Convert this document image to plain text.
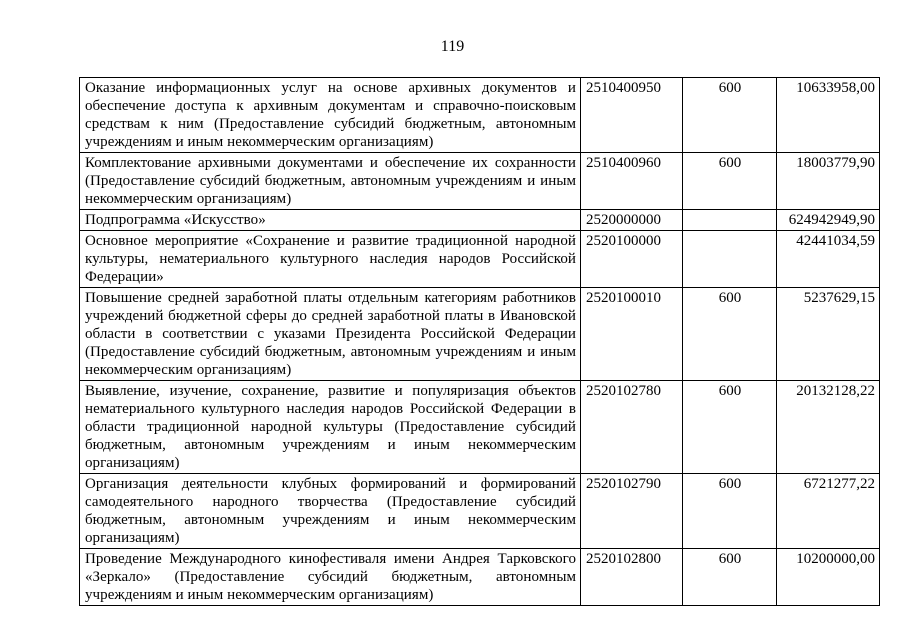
119
Оказание информационных услуг на основе архивных документов и обеспечение доступа к архивным документам и справочно-поисковым средствам к ним (Предоставление субсидий бюджетным, автономным учреждениям и иным некоммерческим организациям)	2510400950	600	10633958,00
Комплектование архивными документами и обеспечение их сохранности (Предоставление субсидий бюджетным, автономным учреждениям и иным некоммерческим организациям)	2510400960	600	18003779,90
Подпрограмма «Искусство»	2520000000		624942949,90
Основное мероприятие «Сохранение и развитие традиционной народной культуры, нематериального культурного наследия народов Российской Федерации»	2520100000		42441034,59
Повышение средней заработной платы отдельным категориям работников учреждений бюджетной сферы до средней заработной платы в Ивановской области в соответствии с указами Президента Российской Федерации (Предоставление субсидий бюджетным, автономным учреждениям и иным некоммерческим организациям)	2520100010	600	5237629,15
Выявление, изучение, сохранение, развитие и популяризация объектов нематериального культурного наследия народов Российской Федерации в области традиционной народной культуры (Предоставление субсидий бюджетным, автономным учреждениям и иным некоммерческим организациям)	2520102780	600	20132128,22
Организация деятельности клубных формирований и формирований самодеятельного народного творчества (Предоставление субсидий бюджетным, автономным учреждениям и иным некоммерческим организациям)	2520102790	600	6721277,22
Проведение Международного кинофестиваля имени Андрея Тарковского «Зеркало» (Предоставление субсидий бюджетным, автономным учреждениям и иным некоммерческим организациям)	2520102800	600	10200000,00
